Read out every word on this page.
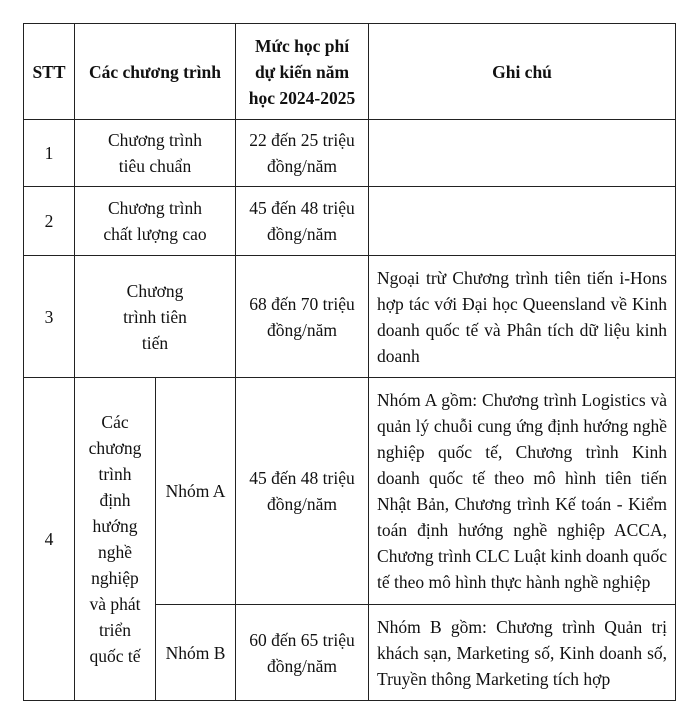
STT	Các chương trình		Mức học phí dự kiến năm học 2024-2025	Ghi chú
1	Chương trình tiêu chuẩn		22 đến 25 triệu đồng/năm	
2	Chương trình chất lượng cao		45 đến 48 triệu đồng/năm	
3	Chương trình tiên tiến		68 đến 70 triệu đồng/năm	Ngoại trừ Chương trình tiên tiến i-Hons hợp tác với Đại học Queensland về Kinh doanh quốc tế và Phân tích dữ liệu kinh doanh
4	Các chương trình định hướng nghề nghiệp và phát triển quốc tế	Nhóm A	45 đến 48 triệu đồng/năm	Nhóm A gồm: Chương trình Logistics và quản lý chuỗi cung ứng định hướng nghề nghiệp quốc tế, Chương trình Kinh doanh quốc tế theo mô hình tiên tiến Nhật Bản, Chương trình Kế toán - Kiểm toán định hướng nghề nghiệp ACCA, Chương trình CLC Luật kinh doanh quốc tế theo mô hình thực hành nghề nghiệp
		Nhóm B	60 đến 65 triệu đồng/năm	Nhóm B gồm: Chương trình Quản trị khách sạn, Marketing số, Kinh doanh số, Truyền thông Marketing tích hợp
